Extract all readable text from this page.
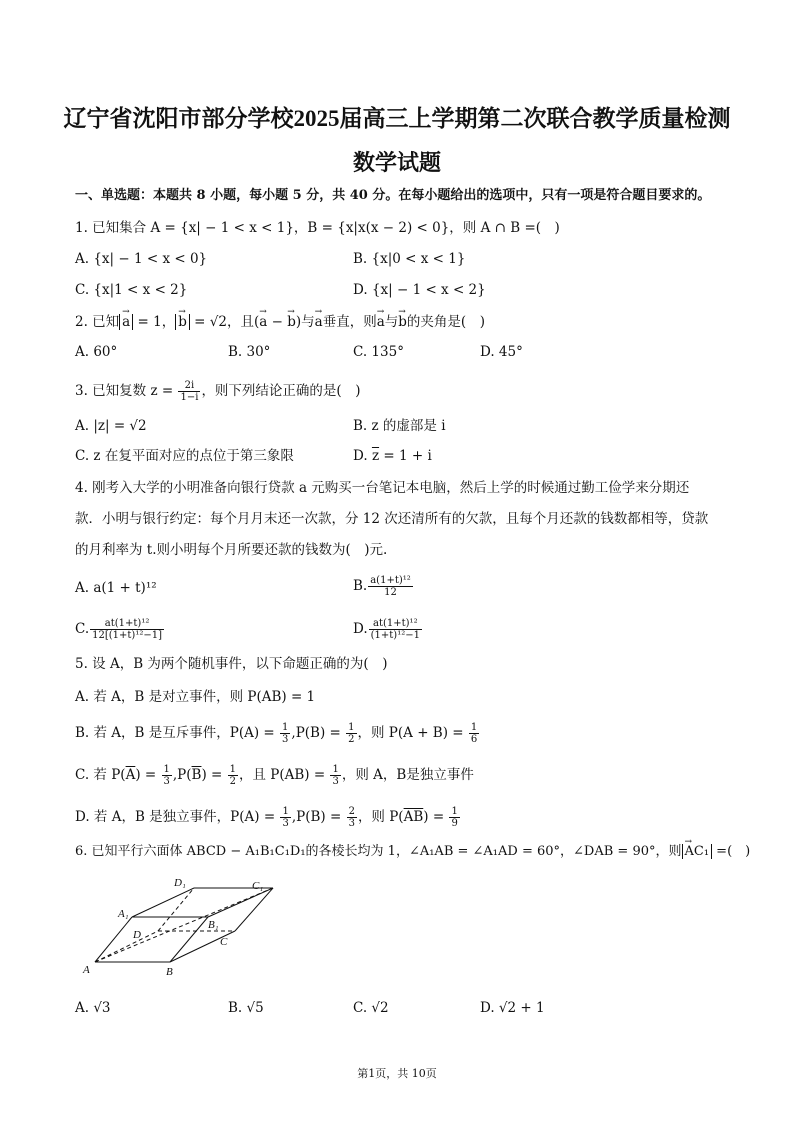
辽宁省沈阳市部分学校2025届高三上学期第二次联合教学质量检测
数学试题
一、单选题：本题共 8 小题，每小题 5 分，共 40 分。在每小题给出的选项中，只有一项是符合题目要求的。
1. 已知集合 A = {x| − 1 < x < 1}，B = {x|x(x − 2) < 0}，则 A ∩ B =(　)
A. {x| − 1 < x < 0}	B. {x|0 < x < 1}
C. {x|1 < x < 2}	D. {x| − 1 < x < 2}
2. 已知 → a = 1， → b = √2，且(→ a − → b)与→ a垂直，则→ a与→ b的夹角是(　)
A. 60°	B. 30°	C. 135°	D. 45°
3. 已知复数 $z = \frac{2i}{1-i}$ ，则下列结论正确的是(　)
A. |z| = √2	B. z 的虚部是 i
C. z 在复平面对应的点位于第三象限	D. $\overline{z} = 1 + i$
4. 刚考入大学的小明准备向银行贷款 a 元购买一台笔记本电脑，然后上学的时候通过勤工俭学来分期还
款．小明与银行约定：每个月月末还一次款，分 12 次还清所有的欠款，且每个月还款的钱数都相等，贷款
的月利率为 t.则小明每个月所要还款的钱数为(　)元.
A. a(1 + t)¹²	B. $\frac{\text{a(1+t)¹²}}{12}$
C. $\frac{\text{at(1+t)¹²}}{\text{12[(1+t)¹²−1]}}$	D. $\frac{\text{at(1+t)¹²}}{\text{(1+t)¹²−1}}$
5. 设 A，B 为两个随机事件，以下命题正确的为(　)
A. 若 A，B 是对立事件，则 P(AB) = 1
B. 若 A，B 是互斥事件，$P(A) = \frac{1}{3} ,P(B) = \frac{1}{2}$ ，则 $P(A + B) = \frac{1}{6}$
C. 若 $P(\overline{A}) = \frac{1}{3} ,P(\overline{B}) = \frac{1}{2}$ ，且 $P(AB) = \frac{1}{3}$ ，则 A，B是独立事件
D. 若 A，B 是独立事件，$P(A) = \frac{1}{3} ,P(B) = \frac{2}{3}$ ，则 $P(\overline{AB}) = \frac{1}{9}$
6. 已知平行六面体 ABCD − A₁B₁C₁D₁的各棱长均为 1，∠A₁AB = ∠A₁AD = 60°，∠DAB = 90°，则 → AC₁ =(　)
A	B
C
D
A₁
B₁
C₁
D₁
A. √3	B. √5	C. √2	D. √2 + 1
第1页，共 10页
